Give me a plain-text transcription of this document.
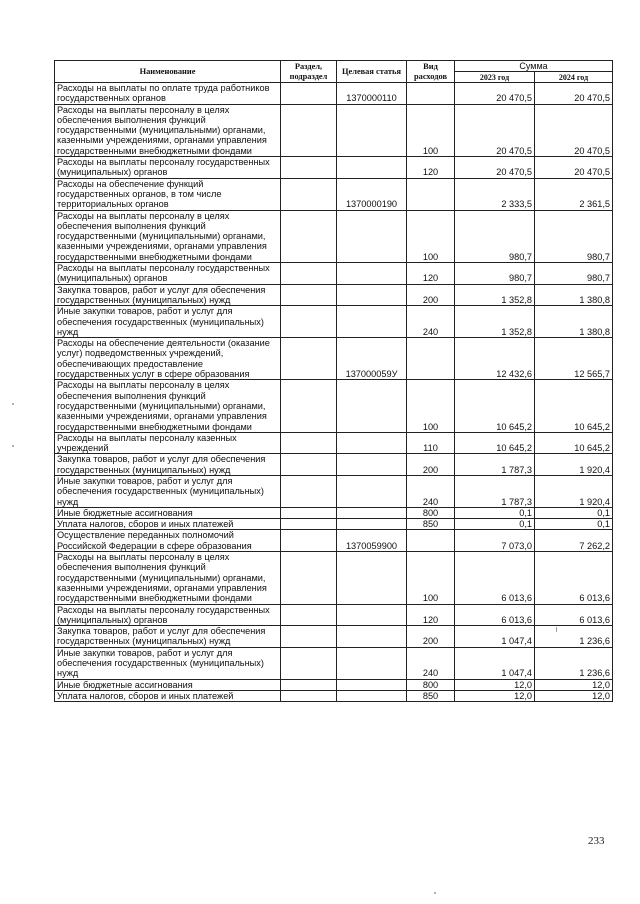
Наименование	Раздел, подраздел	Целевая статья	Вид расходов	Сумма	
				2023 год	2024 год
Расходы на выплаты по оплате труда работников государственных органов		1370000110		20 470,5	20 470,5
Расходы на выплаты персоналу в целях обеспечения выполнения функций государственными (муниципальными) органами, казенными учреждениями, органами управления государственными внебюджетными фондами			100	20 470,5	20 470,5
Расходы на выплаты персоналу государственных (муниципальных) органов			120	20 470,5	20 470,5
Расходы на обеспечение функций государственных органов, в том числе территориальных органов		1370000190		2 333,5	2 361,5
Расходы на выплаты персоналу в целях обеспечения выполнения функций государственными (муниципальными) органами, казенными учреждениями, органами управления государственными внебюджетными фондами			100	980,7	980,7
Расходы на выплаты персоналу государственных (муниципальных) органов			120	980,7	980,7
Закупка товаров, работ и услуг для обеспечения государственных (муниципальных) нужд			200	1 352,8	1 380,8
Иные закупки товаров, работ и услуг для обеспечения государственных (муниципальных) нужд			240	1 352,8	1 380,8
Расходы на обеспечение деятельности (оказание услуг) подведомственных учреждений, обеспечивающих предоставление государственных услуг в сфере образования		137000059У		12 432,6	12 565,7
Расходы на выплаты персоналу в целях обеспечения выполнения функций государственными (муниципальными) органами, казенными учреждениями, органами управления государственными внебюджетными фондами			100	10 645,2	10 645,2
Расходы на выплаты персоналу казенных учреждений			110	10 645,2	10 645,2
Закупка товаров, работ и услуг для обеспечения государственных (муниципальных) нужд			200	1 787,3	1 920,4
Иные закупки товаров, работ и услуг для обеспечения государственных (муниципальных) нужд			240	1 787,3	1 920,4
Иные бюджетные ассигнования			800	0,1	0,1
Уплата налогов, сборов и иных платежей			850	0,1	0,1
Осуществление переданных полномочий Российской Федерации в сфере образования		1370059900		7 073,0	7 262,2
Расходы на выплаты персоналу в целях обеспечения выполнения функций государственными (муниципальными) органами, казенными учреждениями, органами управления государственными внебюджетными фондами			100	6 013,6	6 013,6
Расходы на выплаты персоналу государственных (муниципальных) органов			120	6 013,6	6 013,6
Закупка товаров, работ и услуг для обеспечения государственных (муниципальных) нужд			200	1 047,4	1 236,6
Иные закупки товаров, работ и услуг для обеспечения государственных (муниципальных) нужд			240	1 047,4	1 236,6
Иные бюджетные ассигнования			800	12,0	12,0
Уплата налогов, сборов и иных платежей			850	12,0	12,0
233
